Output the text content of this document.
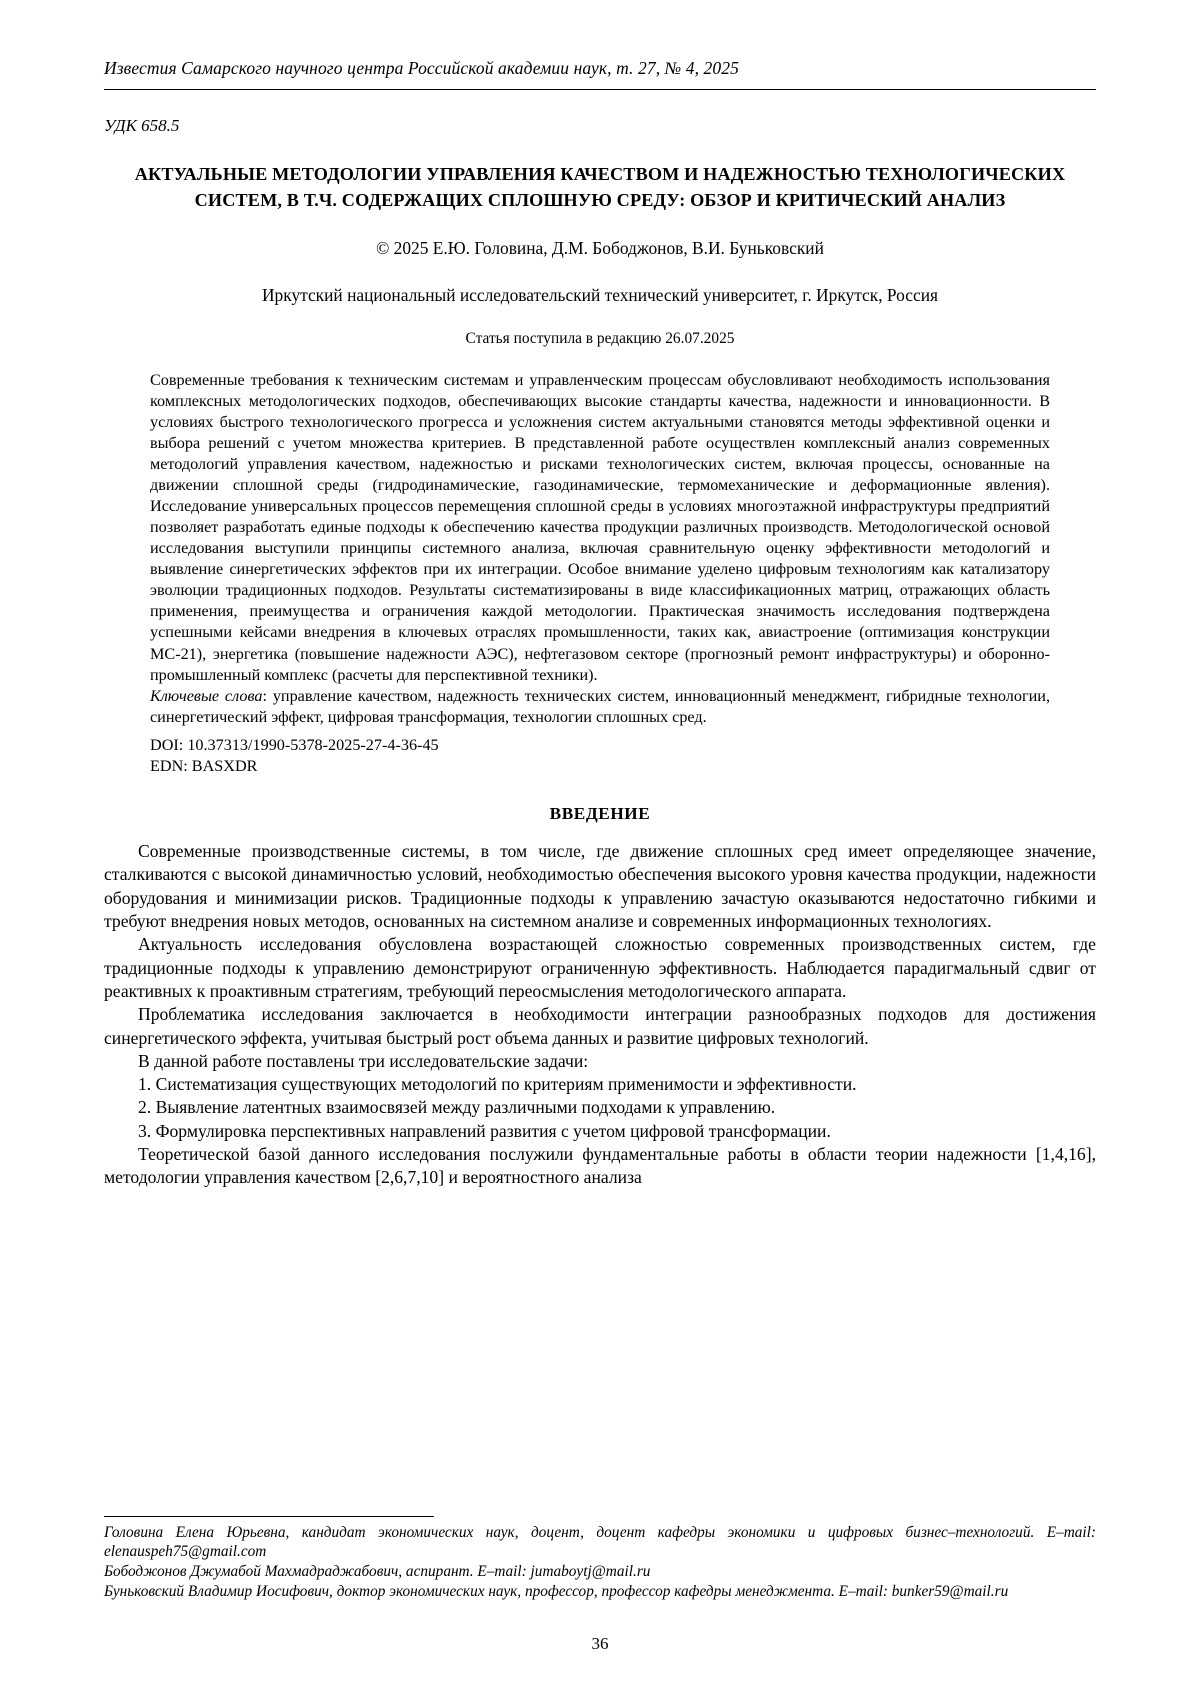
Известия Самарского научного центра Российской академии наук, т. 27, № 4, 2025
УДК 658.5
АКТУАЛЬНЫЕ МЕТОДОЛОГИИ УПРАВЛЕНИЯ КАЧЕСТВОМ И НАДЕЖНОСТЬЮ ТЕХНОЛОГИЧЕСКИХ СИСТЕМ, В Т.Ч. СОДЕРЖАЩИХ СПЛОШНУЮ СРЕДУ: ОБЗОР И КРИТИЧЕСКИЙ АНАЛИЗ
© 2025 Е.Ю. Головина, Д.М. Бободжонов, В.И. Буньковский
Иркутский национальный исследовательский технический университет, г. Иркутск, Россия
Статья поступила в редакцию 26.07.2025

Современные требования к техническим системам и управленческим процессам обусловливают необходимость использования комплексных методологических подходов, обеспечивающих высокие стандарты качества, надежности и инновационности. В условиях быстрого технологического прогресса и усложнения систем актуальными становятся методы эффективной оценки и выбора решений с учетом множества критериев. В представленной работе осуществлен комплексный анализ современных методологий управления качеством, надежностью и рисками технологических систем, включая процессы, основанные на движении сплошной среды (гидродинамические, газодинамические, термомеханические и деформационные явления). Исследование универсальных процессов перемещения сплошной среды в условиях многоэтажной инфраструктуры предприятий позволяет разработать единые подходы к обеспечению качества продукции различных производств. Методологической основой исследования выступили принципы системного анализа, включая сравнительную оценку эффективности методологий и выявление синергетических эффектов при их интеграции. Особое внимание уделено цифровым технологиям как катализатору эволюции традиционных подходов. Результаты систематизированы в виде классификационных матриц, отражающих область применения, преимущества и ограничения каждой методологии. Практическая значимость исследования подтверждена успешными кейсами внедрения в ключевых отраслях промышленности, таких как, авиастроение (оптимизация конструкции МС-21), энергетика (повышение надежности АЭС), нефтегазовом секторе (прогнозный ремонт инфраструктуры) и оборонно-промышленный комплекс (расчеты для перспективной техники).

Ключевые слова: управление качеством, надежность технических систем, инновационный менеджмент, гибридные технологии, синергетический эффект, цифровая трансформация, технологии сплошных сред.
DOI: 10.37313/1990-5378-2025-27-4-36-45
EDN: BASXDR
ВВЕДЕНИЕ

Современные производственные системы, в том числе, где движение сплошных сред имеет определяющее значение, сталкиваются с высокой динамичностью условий, необходимостью обеспечения высокого уровня качества продукции, надежности оборудования и минимизации рисков. Традиционные подходы к управлению зачастую оказываются недостаточно гибкими и требуют внедрения новых методов, основанных на системном анализе и современных информационных технологиях.

Актуальность исследования обусловлена возрастающей сложностью современных производственных систем, где традиционные подходы к управлению демонстрируют ограниченную эффективность. Наблюдается парадигмальный сдвиг от реактивных к проактивным стратегиям, требующий переосмысления методологического аппарата.

Проблематика исследования заключается в необходимости интеграции разнообразных подходов для достижения синергетического эффекта, учитывая быстрый рост объема данных и развитие цифровых технологий.

В данной работе поставлены три исследовательские задачи:

1. Систематизация существующих методологий по критериям применимости и эффективности.

2. Выявление латентных взаимосвязей между различными подходами к управлению.

3. Формулировка перспективных направлений развития с учетом цифровой трансформации.

Теоретической базой данного исследования послужили фундаментальные работы в области теории надежности [1,4,16], методологии управления качеством [2,6,7,10] и вероятностного анализа

Головина Елена Юрьевна, кандидат экономических наук, доцент, доцент кафедры экономики и цифровых бизнес–технологий. E–mail: elenauspeh75@gmail.com

Бободжонов Джумабой Махмадраджабович, аспирант. E–mail: jumaboytj@mail.ru

Буньковский Владимир Иосифович, доктор экономических наук, профессор, профессор кафедры менеджмента. E–mail: bunker59@mail.ru

36
